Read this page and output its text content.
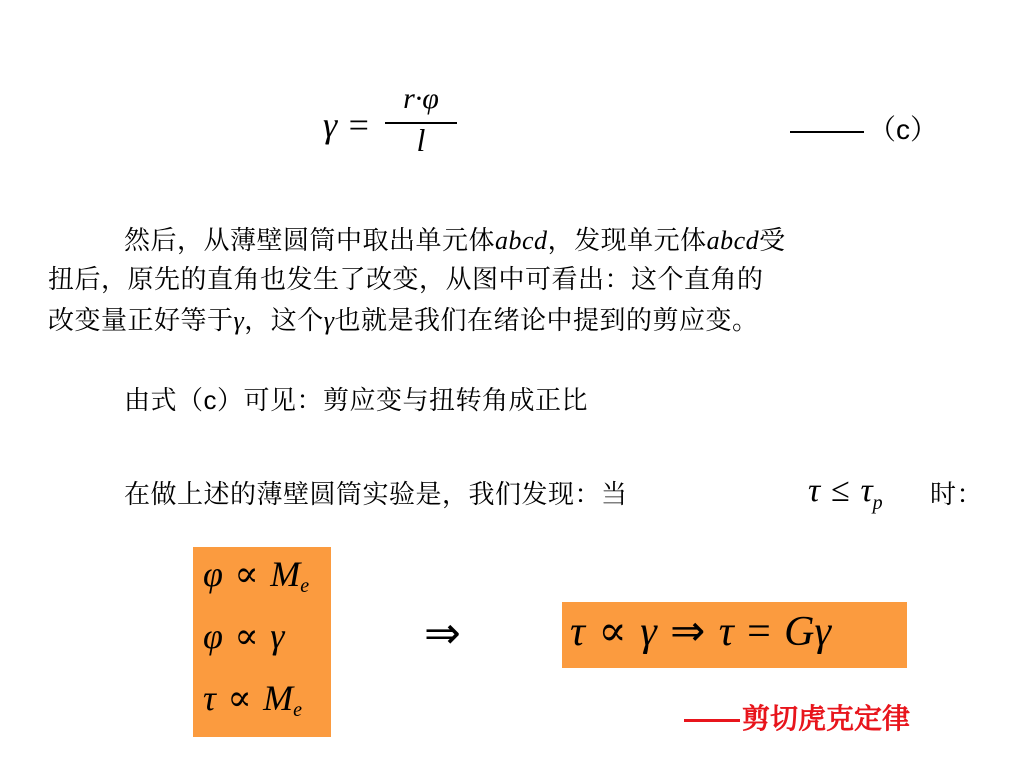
γ =
r·φ
l	（c）
然后，从薄壁圆筒中取出单元体abcd，发现单元体abcd受
扭后，原先的直角也发生了改变，从图中可看出：这个直角的
改变量正好等于γ，这个γ也就是我们在绪论中提到的剪应变。
由式（c）可见：剪应变与扭转角成正比
在做上述的薄壁圆筒实验是，我们发现：当	$\tau \le \tau_p$ 时：
$\varphi \propto M_e$
φ ∝ γ
$\tau \propto M_e$
⇒	τ ∝ γ ⇒ τ = Gγ
剪切虎克定律
